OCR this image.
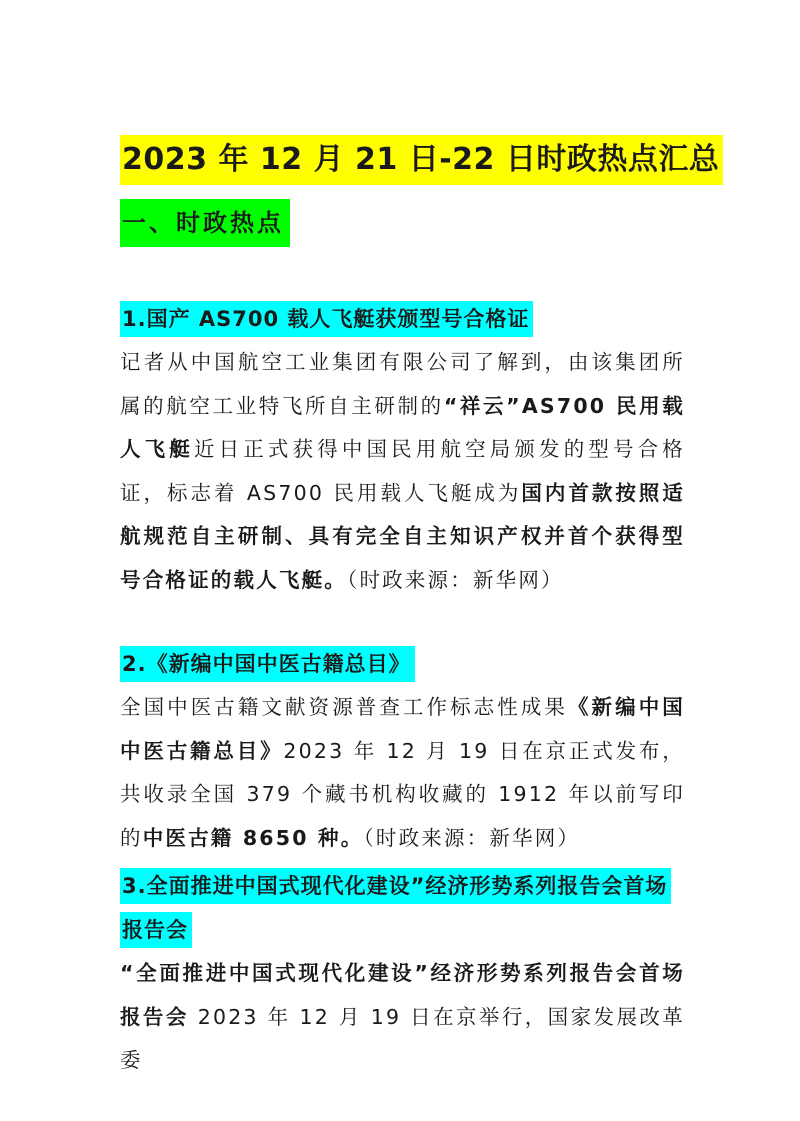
2023 年 12 月 21 日-22 日时政热点汇总
一、时政热点

1.国产 AS700 载人飞艇获颁型号合格证

记者从中国航空工业集团有限公司了解到，由该集团所属的航空工业特飞所自主研制的“祥云”AS700 民用载人飞艇近日正式获得中国民用航空局颁发的型号合格证，标志着 AS700 民用载人飞艇成为国内首款按照适航规范自主研制、具有完全自主知识产权并首个获得型号合格证的载人飞艇。（时政来源：新华网）

2.《新编中国中医古籍总目》

全国中医古籍文献资源普查工作标志性成果《新编中国中医古籍总目》2023 年 12 月 19 日在京正式发布，共收录全国 379 个藏书机构收藏的 1912 年以前写印的中医古籍 8650 种。（时政来源：新华网）

3.全面推进中国式现代化建设”经济形势系列报告会首场报告会

“全面推进中国式现代化建设”经济形势系列报告会首场报告会 2023 年 12 月 19 日在京举行，国家发展改革委
